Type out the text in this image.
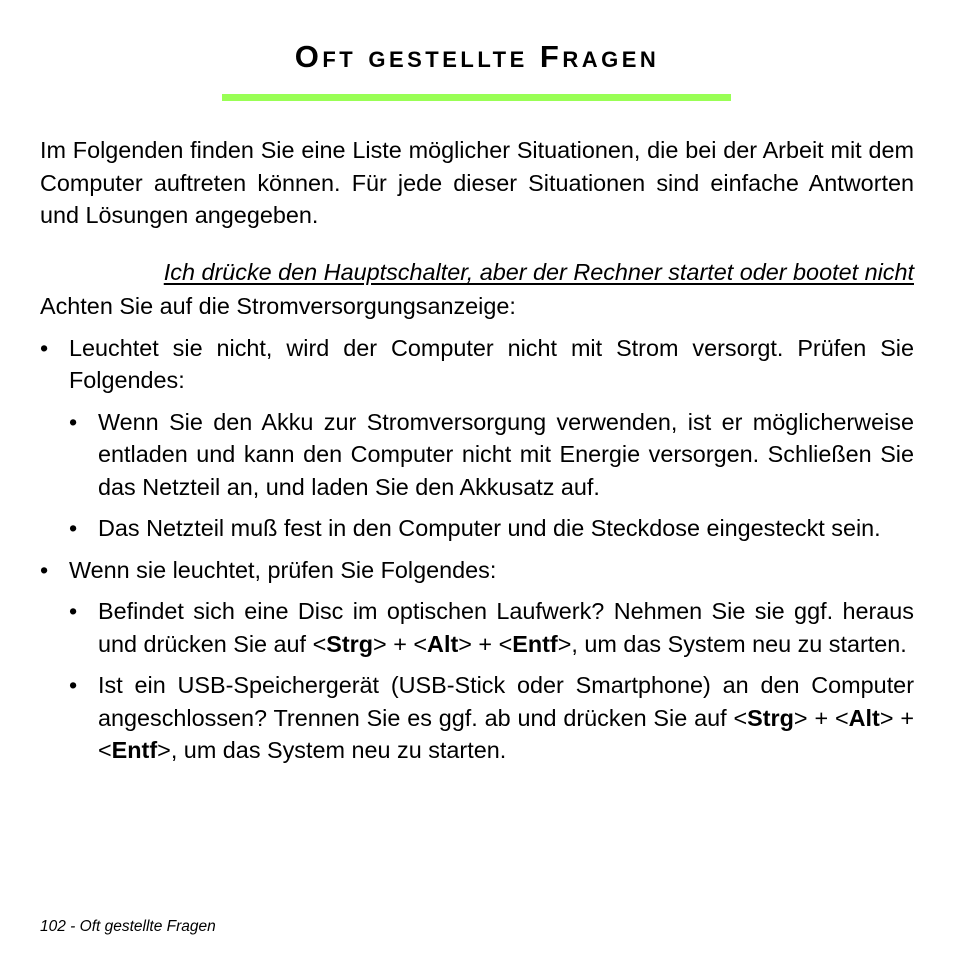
Oft gestellte Fragen

Im Folgenden finden Sie eine Liste möglicher Situationen, die bei der Arbeit mit dem Computer auftreten können. Für jede dieser Situationen sind einfache Antworten und Lösungen angegeben.

Ich drücke den Hauptschalter, aber der Rechner startet oder bootet nicht

Achten Sie auf die Stromversorgungsanzeige:

• Leuchtet sie nicht, wird der Computer nicht mit Strom versorgt. Prüfen Sie Folgendes:

• Wenn Sie den Akku zur Stromversorgung verwenden, ist er möglicherweise entladen und kann den Computer nicht mit Energie versorgen. Schließen Sie das Netzteil an, und laden Sie den Akkusatz auf.

• Das Netzteil muß fest in den Computer und die Steckdose eingesteckt sein.

• Wenn sie leuchtet, prüfen Sie Folgendes:

• Befindet sich eine Disc im optischen Laufwerk? Nehmen Sie sie ggf. heraus und drücken Sie auf <Strg> + <Alt> + <Entf>, um das System neu zu starten.

• Ist ein USB-Speichergerät (USB-Stick oder Smartphone) an den Computer angeschlossen? Trennen Sie es ggf. ab und drücken Sie auf <Strg> + <Alt> + <Entf>, um das System neu zu starten.

102 - Oft gestellte Fragen
